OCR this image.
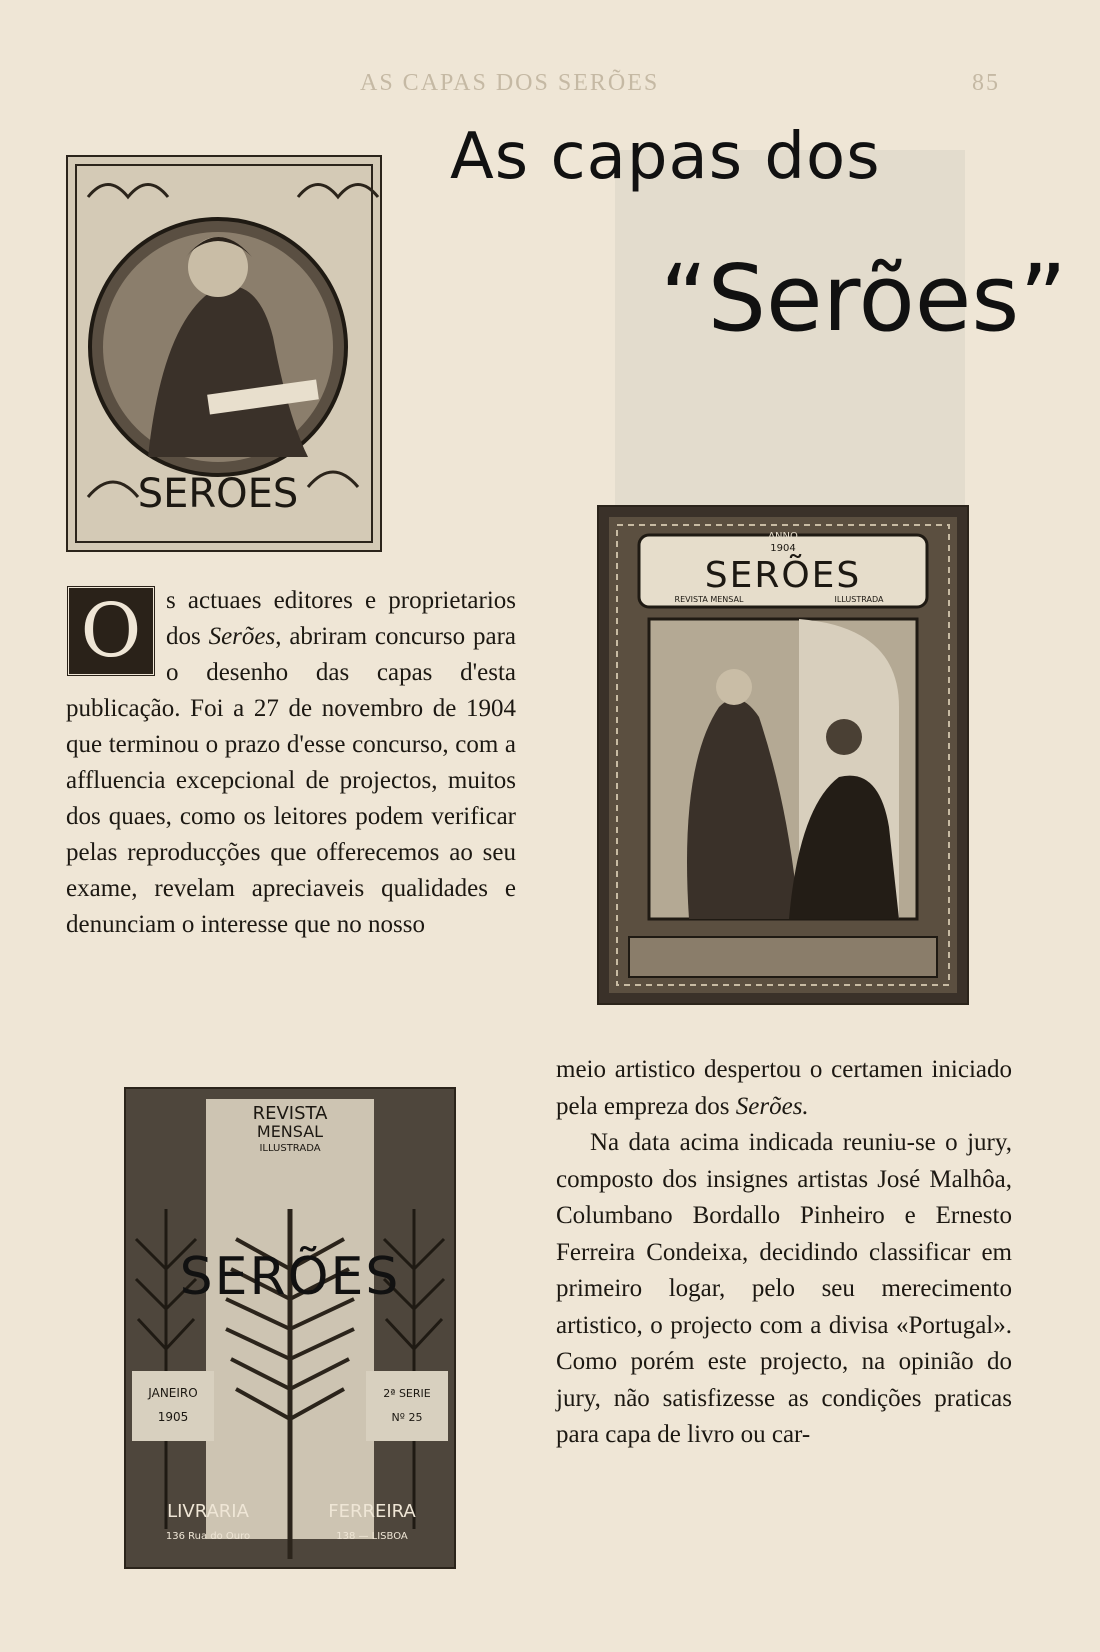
AS CAPAS DOS SERÕES	85
As capas dos
“Serões”
SEROES
ANNO
1904
SERÕES
REVISTA MENSAL	ILLUSTRADA
REVISTA
MENSAL
ILLUSTRADA
SERÕES
JANEIRO
1905
2ª SERIE
Nº 25
LIVRARIA	FERREIRA
136 Rua do Ouro	138 — LISBOA
O s actuaes editores e proprietarios dos Serões, abriram concurso para o desenho das capas d'esta publicação. Foi a 27 de novembro de 1904 que terminou o prazo d'esse concurso, com a affluencia excepcional de projectos, muitos dos quaes, como os leitores podem verificar pelas reproducções que offerecemos ao seu exame, revelam apreciaveis qualidades e denunciam o interesse que no nosso

meio artistico despertou o certamen iniciado pela empreza dos Serões.

Na data acima indicada reuniu-se o jury, composto dos insignes artistas José Malhôa, Columbano Bordallo Pinheiro e Ernesto Ferreira Condeixa, decidindo classificar em primeiro logar, pelo seu merecimento artistico, o projecto com a divisa «Portugal». Como porém este projecto, na opinião do jury, não satisfizesse as condições praticas para capa de livro ou car-
